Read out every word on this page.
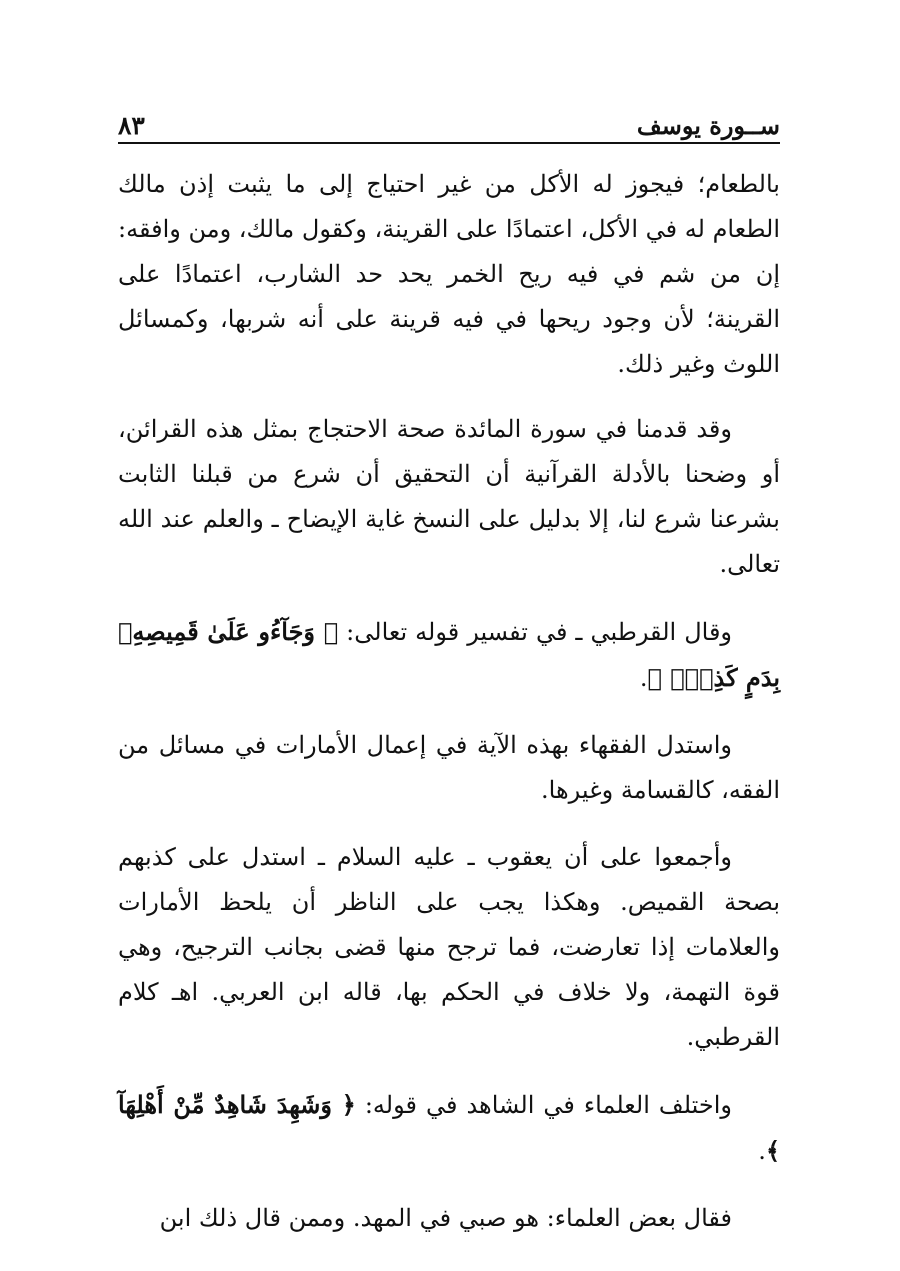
ســورة يوسف
٨٣

بالطعام؛ فيجوز له الأكل من غير احتياج إلى ما يثبت إذن مالك الطعام له في الأكل، اعتمادًا على القرينة، وكقول مالك، ومن وافقه: إن من شم في فيه ريح الخمر يحد حد الشارب، اعتمادًا على القرينة؛ لأن وجود ريحها في فيه قرينة على أنه شربها، وكمسائل اللوث وغير ذلك.

وقد قدمنا في سورة المائدة صحة الاحتجاج بمثل هذه القرائن، أو وضحنا بالأدلة القرآنية أن التحقيق أن شرع من قبلنا الثابت بشرعنا شرع لنا، إلا بدليل على النسخ غاية الإيضاح ـ والعلم عند الله تعالى.

وقال القرطبي ـ في تفسير قوله تعالى: ﴿ وَجَآءُو عَلَىٰ قَمِيصِهِۦ بِدَمٍ كَذِبٍۚ ﴾.

واستدل الفقهاء بهذه الآية في إعمال الأمارات في مسائل من الفقه، كالقسامة وغيرها.

وأجمعوا على أن يعقوب ـ عليه السلام ـ استدل على كذبهم بصحة القميص. وهكذا يجب على الناظر أن يلحظ الأمارات والعلامات إذا تعارضت، فما ترجح منها قضى بجانب الترجيح، وهي قوة التهمة، ولا خلاف في الحكم بها، قاله ابن العربي. اهـ كلام القرطبي.

واختلف العلماء في الشاهد في قوله: ﴿ وَشَهِدَ شَاهِدٌ مِّنْ أَهْلِهَآ ﴾.

فقال بعض العلماء: هو صبي في المهد. وممن قال ذلك ابن
